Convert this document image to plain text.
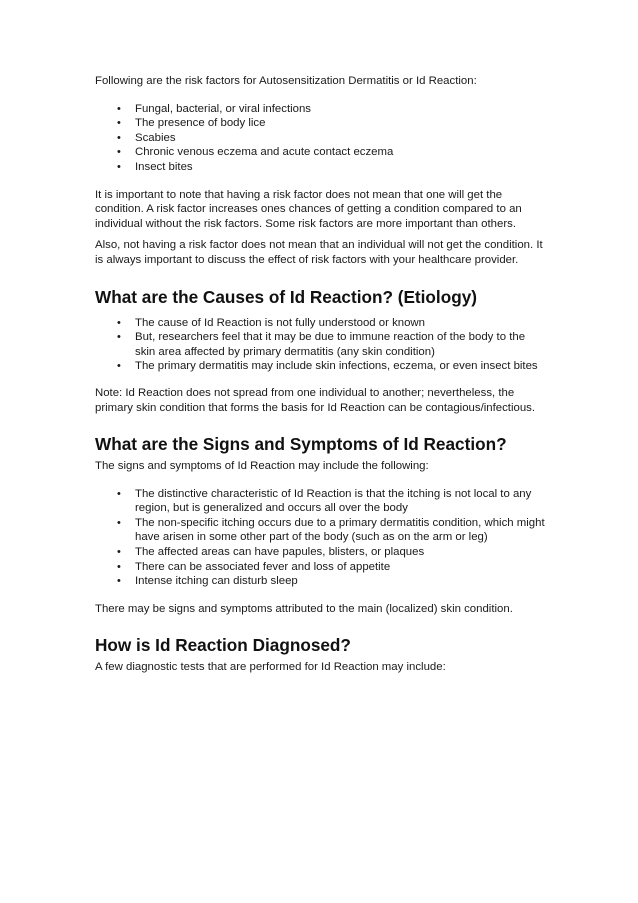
Following are the risk factors for Autosensitization Dermatitis or Id Reaction:

• Fungal, bacterial, or viral infections
• The presence of body lice
• Scabies
• Chronic venous eczema and acute contact eczema
• Insect bites

It is important to note that having a risk factor does not mean that one will get the condition. A risk factor increases ones chances of getting a condition compared to an individual without the risk factors. Some risk factors are more important than others.

Also, not having a risk factor does not mean that an individual will not get the condition. It is always important to discuss the effect of risk factors with your healthcare provider.

What are the Causes of Id Reaction? (Etiology)
• The cause of Id Reaction is not fully understood or known
• But, researchers feel that it may be due to immune reaction of the body to the skin area affected by primary dermatitis (any skin condition)
• The primary dermatitis may include skin infections, eczema, or even insect bites

Note: Id Reaction does not spread from one individual to another; nevertheless, the primary skin condition that forms the basis for Id Reaction can be contagious/infectious.

What are the Signs and Symptoms of Id Reaction?

The signs and symptoms of Id Reaction may include the following:

• The distinctive characteristic of Id Reaction is that the itching is not local to any region, but is generalized and occurs all over the body
• The non-specific itching occurs due to a primary dermatitis condition, which might have arisen in some other part of the body (such as on the arm or leg)
• The affected areas can have papules, blisters, or plaques
• There can be associated fever and loss of appetite
• Intense itching can disturb sleep

There may be signs and symptoms attributed to the main (localized) skin condition.

How is Id Reaction Diagnosed?

A few diagnostic tests that are performed for Id Reaction may include:
